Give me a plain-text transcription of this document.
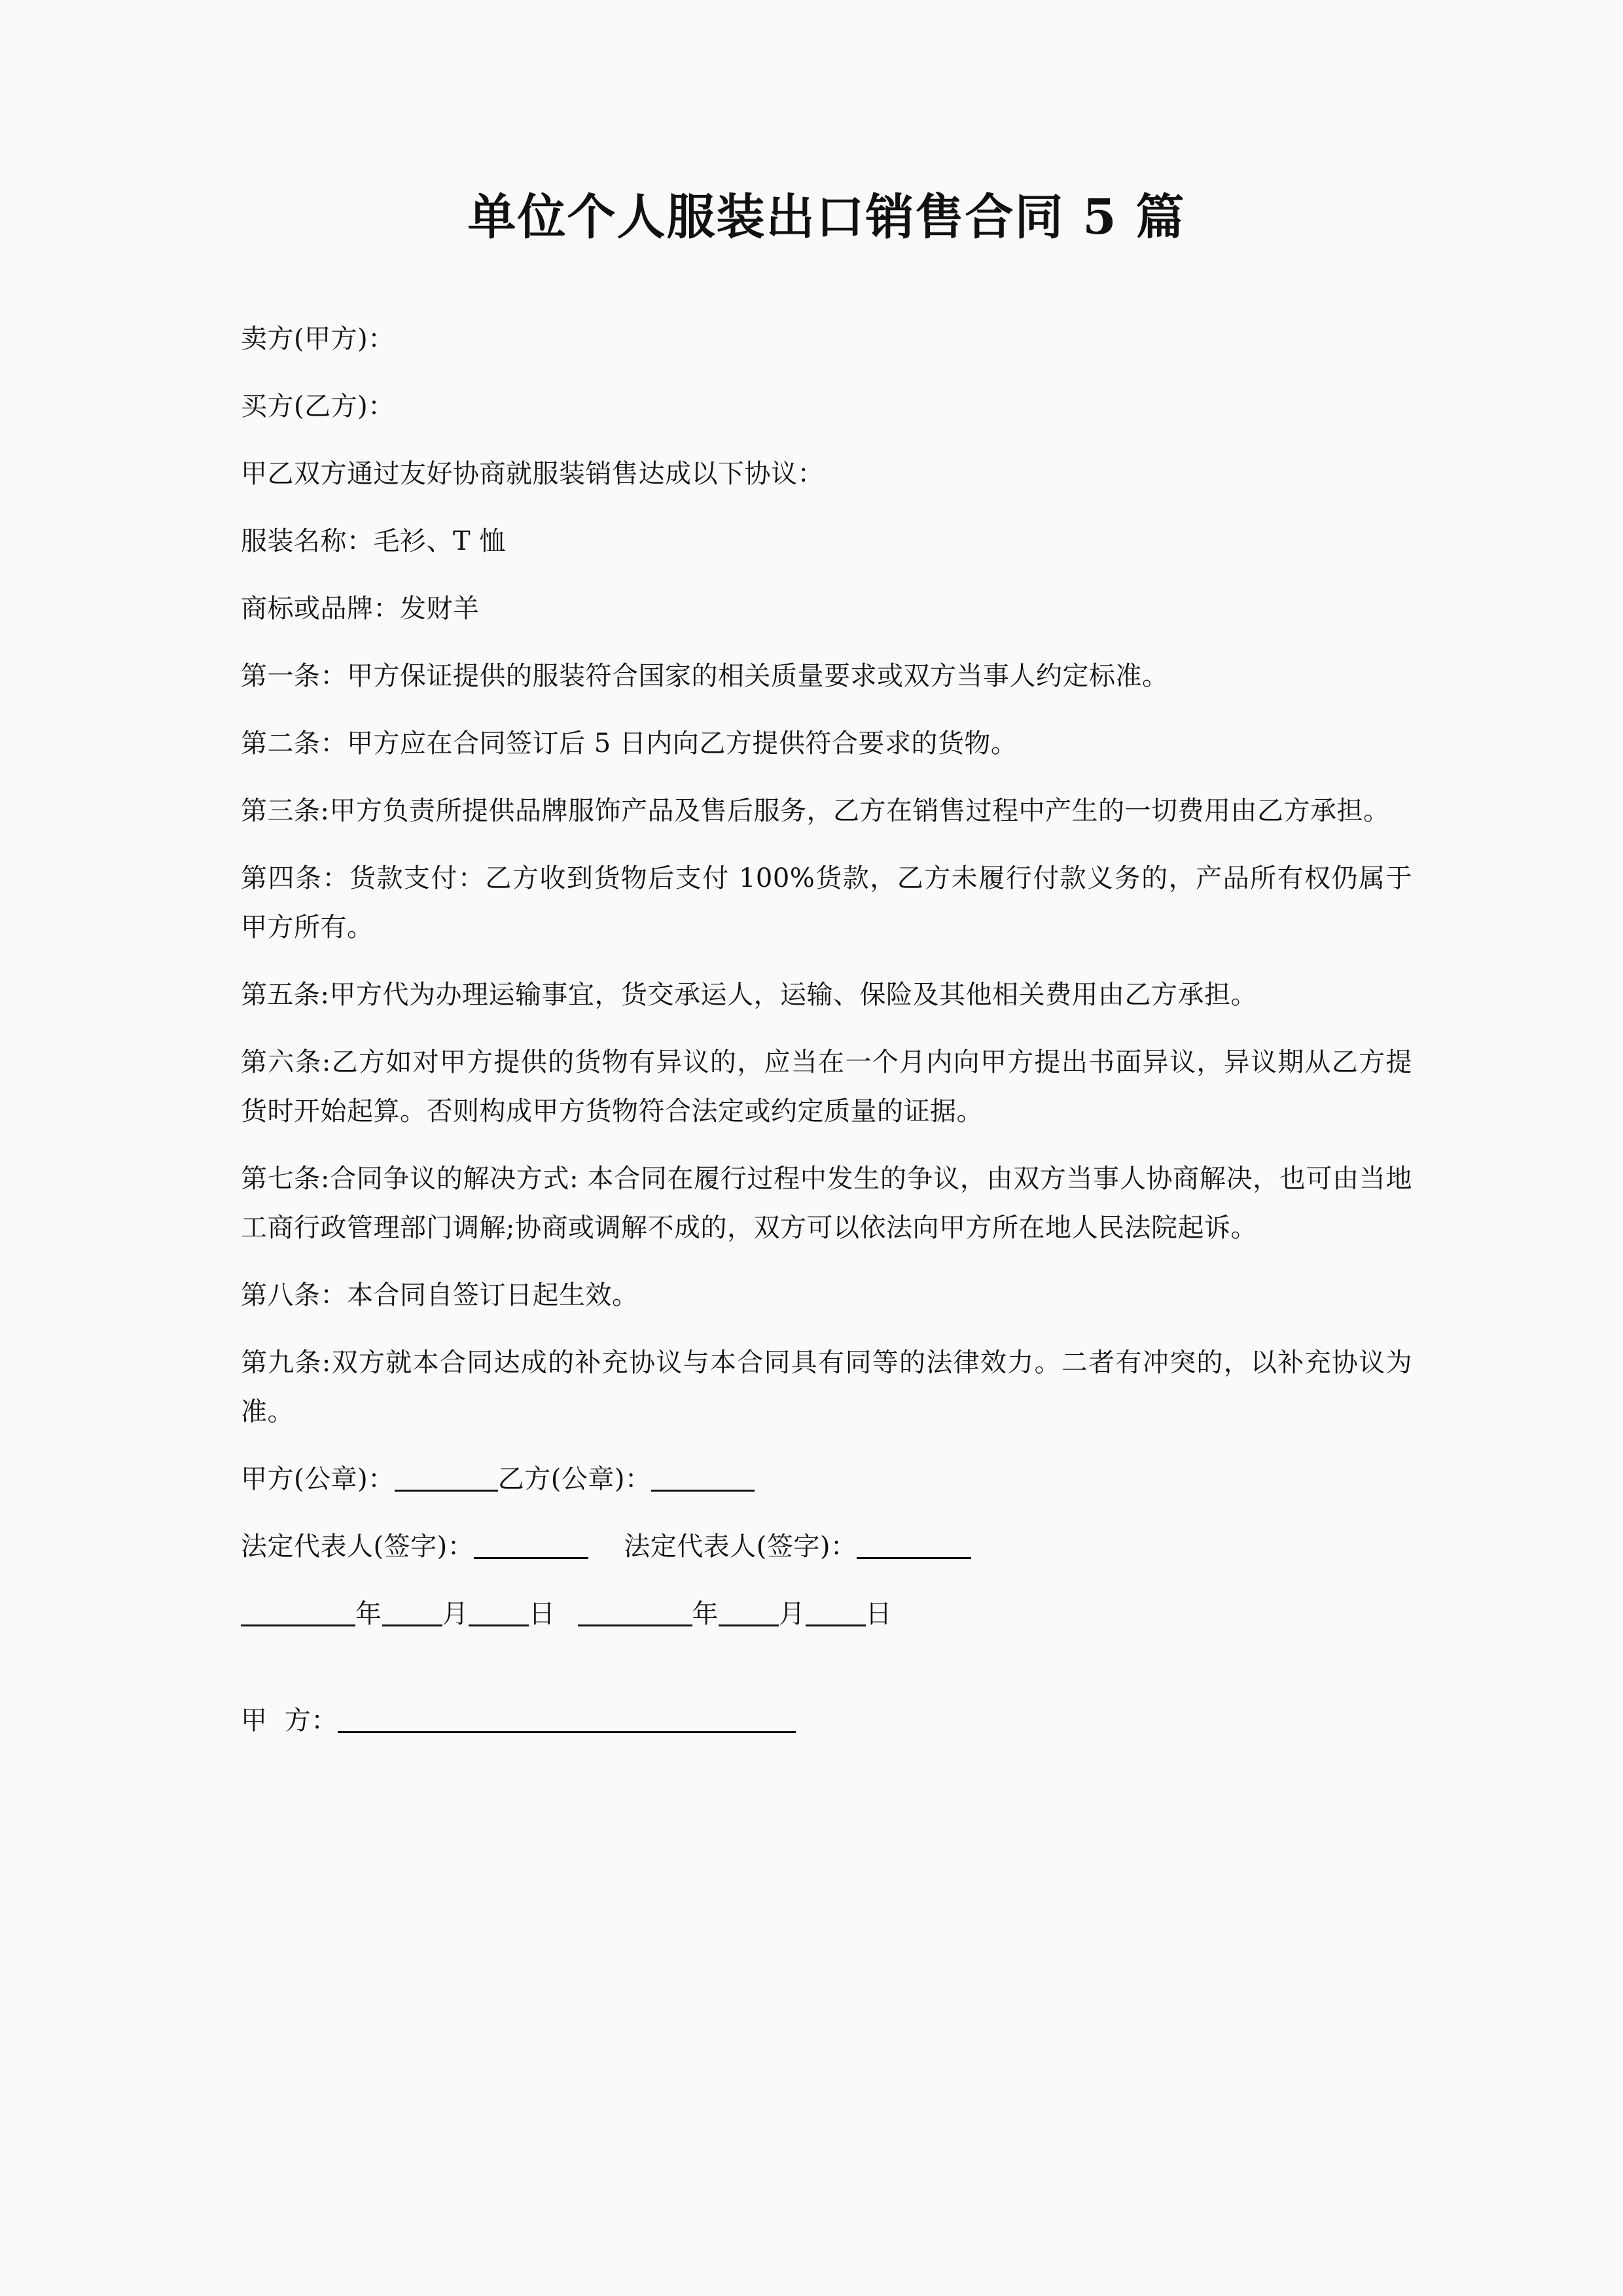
单位个人服装出口销售合同 5 篇

卖方(甲方)：

买方(乙方)：

甲乙双方通过友好协商就服装销售达成以下协议：

服装名称：毛衫、T 恤

商标或品牌：发财羊

第一条：甲方保证提供的服装符合国家的相关质量要求或双方当事人约定标准。

第二条：甲方应在合同签订后 5 日内向乙方提供符合要求的货物。

第三条:甲方负责所提供品牌服饰产品及售后服务，乙方在销售过程中产生的一切费用由乙方承担。

第四条：货款支付：乙方收到货物后支付 100%货款，乙方未履行付款义务的，产品所有权仍属于甲方所有。

第五条:甲方代为办理运输事宜，货交承运人，运输、保险及其他相关费用由乙方承担。

第六条:乙方如对甲方提供的货物有异议的，应当在一个月内向甲方提出书面异议，异议期从乙方提货时开始起算。否则构成甲方货物符合法定或约定质量的证据。

第七条:合同争议的解决方式: 本合同在履行过程中发生的争议，由双方当事人协商解决，也可由当地工商行政管理部门调解;协商或调解不成的，双方可以依法向甲方所在地人民法院起诉。

第八条：本合同自签订日起生效。

第九条:双方就本合同达成的补充协议与本合同具有同等的法律效力。二者有冲突的，以补充协议为准。

甲方(公章)：	乙方(公章)：

法定代表人(签字)：	法定代表人(签字)：

年 月 日	年 月 日

甲  方：
